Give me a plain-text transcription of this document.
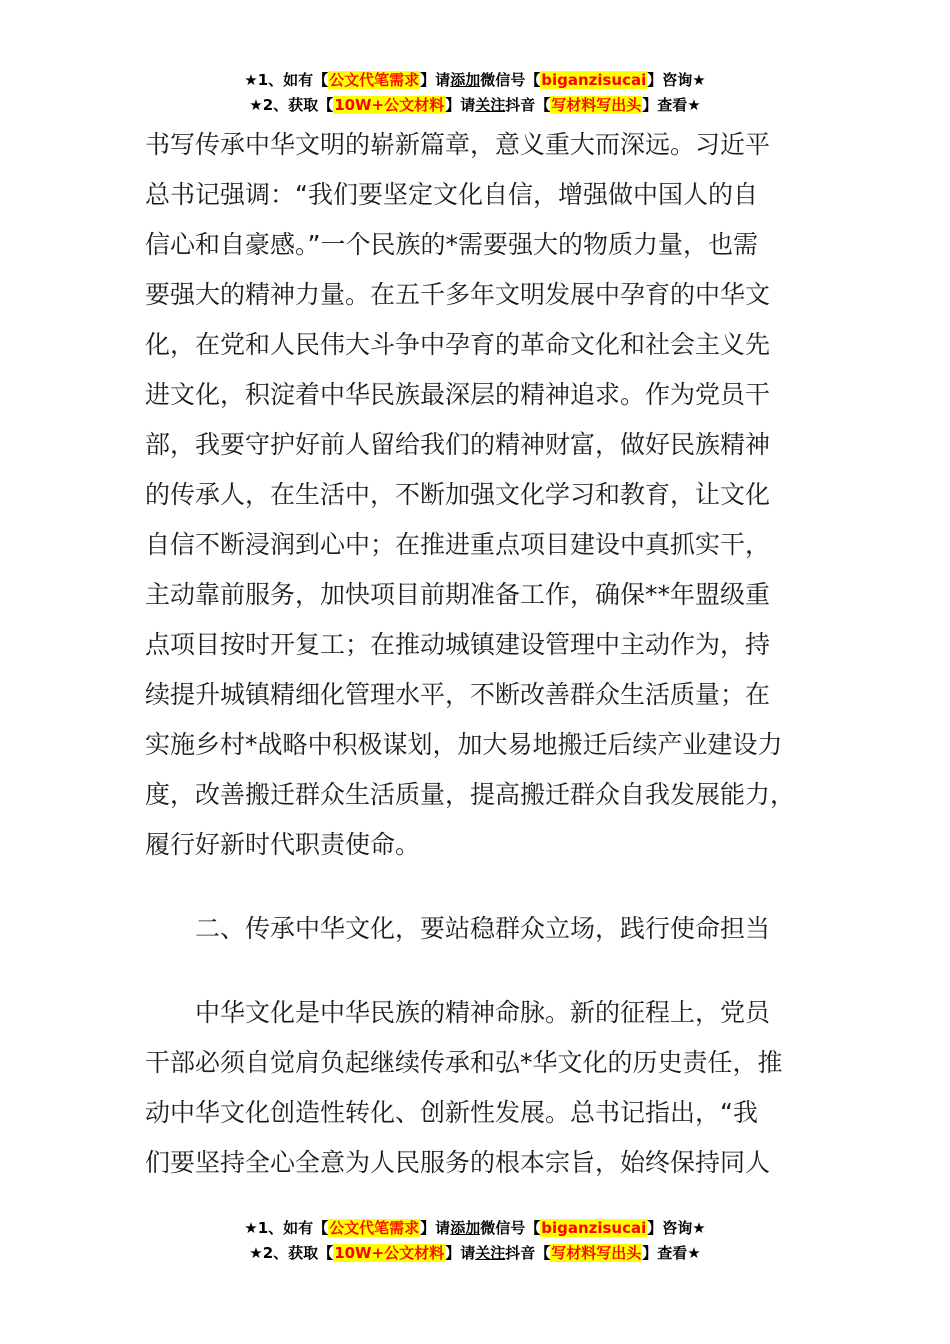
★1、如有【公文代笔需求】请添加微信号【biganzisucai】咨询★
★2、获取【10W+公文材料】请关注抖音【写材料写出头】查看★
书写传承中华文明的崭新篇章，意义重大而深远。习近平
总书记强调：“我们要坚定文化自信，增强做中国人的自
信心和自豪感。”一个民族的*需要强大的物质力量，也需
要强大的精神力量。在五千多年文明发展中孕育的中华文
化，在党和人民伟大斗争中孕育的革命文化和社会主义先
进文化，积淀着中华民族最深层的精神追求。作为党员干
部，我要守护好前人留给我们的精神财富，做好民族精神
的传承人，在生活中，不断加强文化学习和教育，让文化
自信不断浸润到心中；在推进重点项目建设中真抓实干，
主动靠前服务，加快项目前期准备工作，确保**年盟级重
点项目按时开复工；在推动城镇建设管理中主动作为，持
续提升城镇精细化管理水平，不断改善群众生活质量；在
实施乡村*战略中积极谋划，加大易地搬迁后续产业建设力
度，改善搬迁群众生活质量，提高搬迁群众自我发展能力，
履行好新时代职责使命。
二、传承中华文化，要站稳群众立场，践行使命担当
中华文化是中华民族的精神命脉。新的征程上，党员
干部必须自觉肩负起继续传承和弘*华文化的历史责任，推
动中华文化创造性转化、创新性发展。总书记指出，“我
们要坚持全心全意为人民服务的根本宗旨，始终保持同人
★1、如有【公文代笔需求】请添加微信号【biganzisucai】咨询★
★2、获取【10W+公文材料】请关注抖音【写材料写出头】查看★
